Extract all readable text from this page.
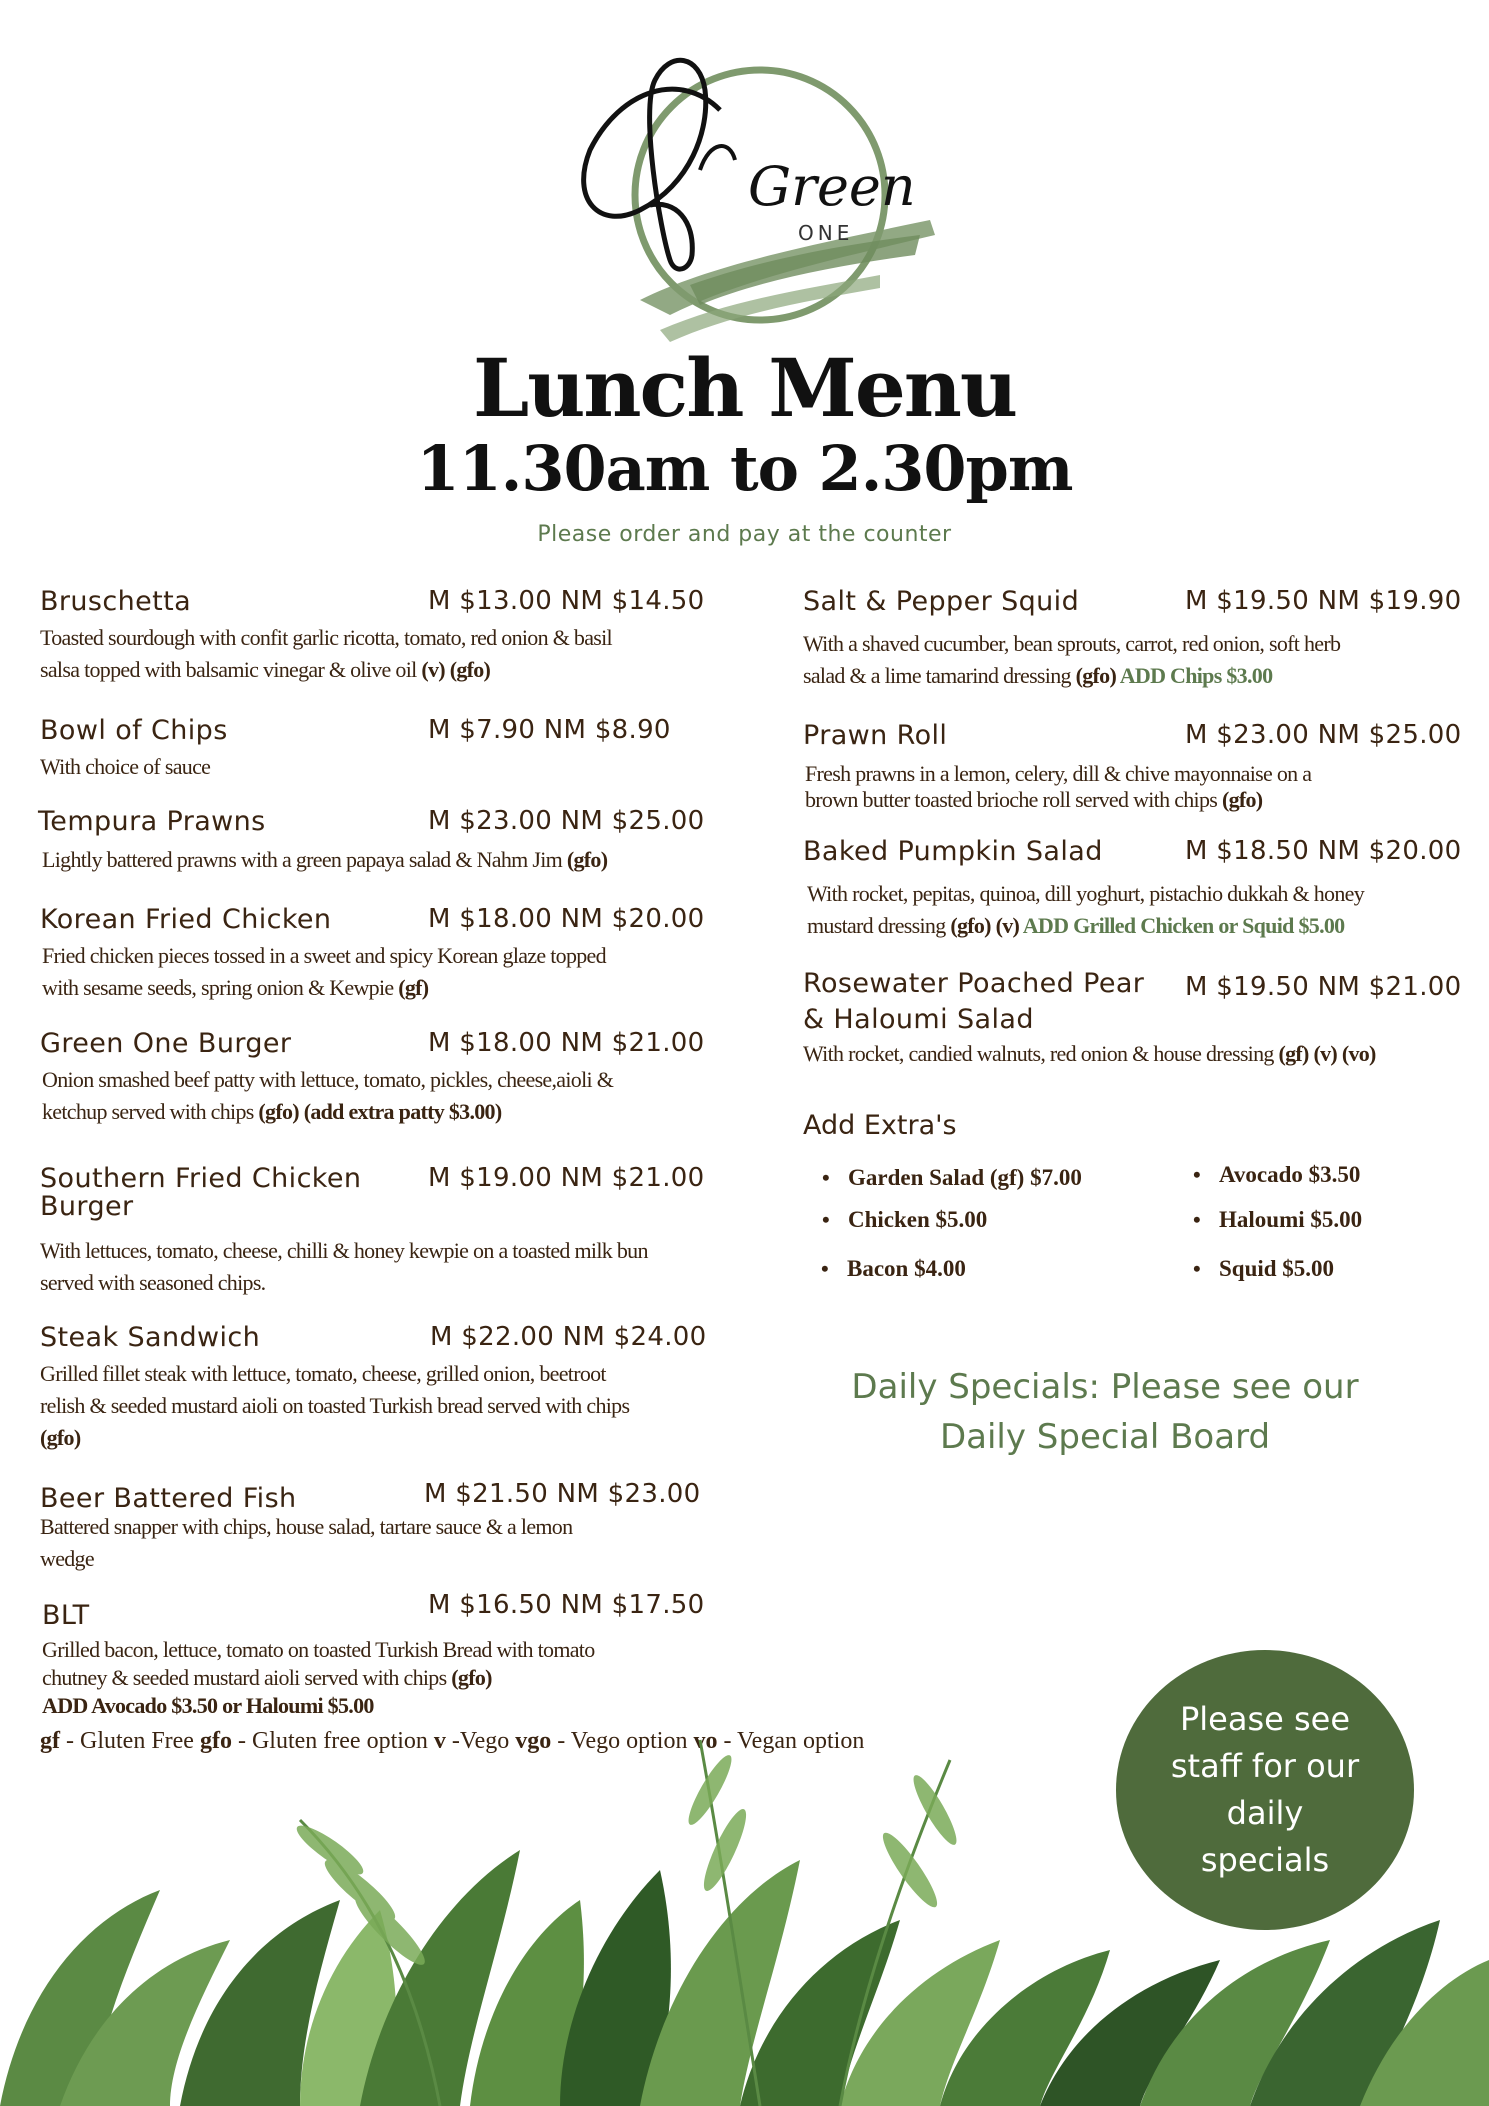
Green
ONE
Lunch Menu
11.30am to 2.30pm
Please order and pay at the counter
Bruschetta	M $13.00 NM $14.50
Toasted sourdough with confit garlic ricotta, tomato, red onion & basil
salsa topped with balsamic vinegar & olive oil (v) (gfo)
Bowl of Chips	M $7.90 NM $8.90
With choice of sauce
Tempura Prawns	M $23.00 NM $25.00
Lightly battered prawns with a green papaya salad & Nahm Jim (gfo)
Korean Fried Chicken	M $18.00 NM $20.00
Fried chicken pieces tossed in a sweet and spicy Korean glaze topped
with sesame seeds, spring onion & Kewpie (gf)
Green One Burger	M $18.00 NM $21.00
Onion smashed beef patty with lettuce, tomato, pickles, cheese,aioli &
ketchup served with chips (gfo) (add extra patty $3.00)
Southern Fried Chicken
Burger
M $19.00 NM $21.00
With lettuces, tomato, cheese, chilli & honey kewpie on a toasted milk bun
served with seasoned chips.
Steak Sandwich	M $22.00 NM $24.00
Grilled fillet steak with lettuce, tomato, cheese, grilled onion, beetroot
relish & seeded mustard aioli on toasted Turkish bread served with chips
(gfo)
Beer Battered Fish	M $21.50 NM $23.00
Battered snapper with chips, house salad, tartare sauce & a lemon
wedge
BLT	M $16.50 NM $17.50
Grilled bacon, lettuce, tomato on toasted Turkish Bread with tomato
chutney & seeded mustard aioli served with chips (gfo)
ADD Avocado $3.50 or Haloumi $5.00
Salt & Pepper Squid	M $19.50 NM $19.90
With a shaved cucumber, bean sprouts, carrot, red onion, soft herb
salad & a lime tamarind dressing (gfo) ADD Chips $3.00
Prawn Roll	M $23.00 NM $25.00
Fresh prawns in a lemon, celery, dill & chive mayonnaise on a
brown butter toasted brioche roll served with chips (gfo)
Baked Pumpkin Salad	M $18.50 NM $20.00
With rocket, pepitas, quinoa, dill yoghurt, pistachio dukkah & honey
mustard dressing (gfo) (v) ADD Grilled Chicken or Squid $5.00
Rosewater Poached Pear
& Haloumi Salad
M $19.50 NM $21.00
With rocket, candied walnuts, red onion & house dressing (gf) (v) (vo)
Add Extra's
• Garden Salad (gf) $7.00
• Chicken $5.00
• Bacon $4.00
• Avocado $3.50
• Haloumi $5.00
• Squid $5.00
Daily Specials: Please see our
Daily Special Board
gf - Gluten Free gfo - Gluten free option v -Vego vgo - Vego option vo - Vegan option
Please see
staff for our
daily
specials
